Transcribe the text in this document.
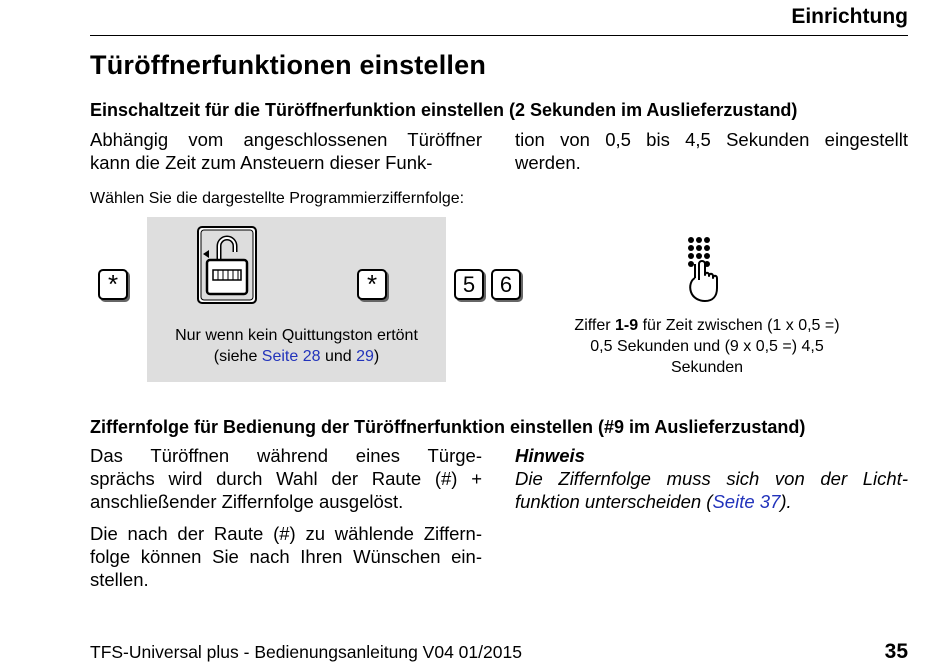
Einrichtung
Türöffnerfunktionen einstellen
Einschaltzeit für die Türöffnerfunktion einstellen (2 Sekunden im Auslieferzustand)
Abhängig vom angeschlossenen Türöffner kann die Zeit zum Ansteuern dieser Funk-
tion von 0,5 bis 4,5 Sekunden eingestellt werden.
Wählen Sie die dargestellte Programmierziffernfolge:
*	*	5 6
Nur wenn kein Quittungston ertönt
(siehe Seite 28 und 29)
Ziffer 1-9 für Zeit zwischen (1 x 0,5 =)
0,5 Sekunden und (9 x 0,5 =) 4,5
Sekunden
Ziffernfolge für Bedienung der Türöffnerfunktion einstellen (#9 im Auslieferzustand)
Das Türöffnen während eines Türge-
sprächs wird durch Wahl der Raute (#) +
anschließender Ziffernfolge ausgelöst.
Die nach der Raute (#) zu wählende Ziffern-
folge können Sie nach Ihren Wünschen ein-
stellen.
Hinweis
Die Ziffernfolge muss sich von der Licht-
funktion unterscheiden (Seite 37).
TFS-Universal plus - Bedienungsanleitung V04 01/2015	35
